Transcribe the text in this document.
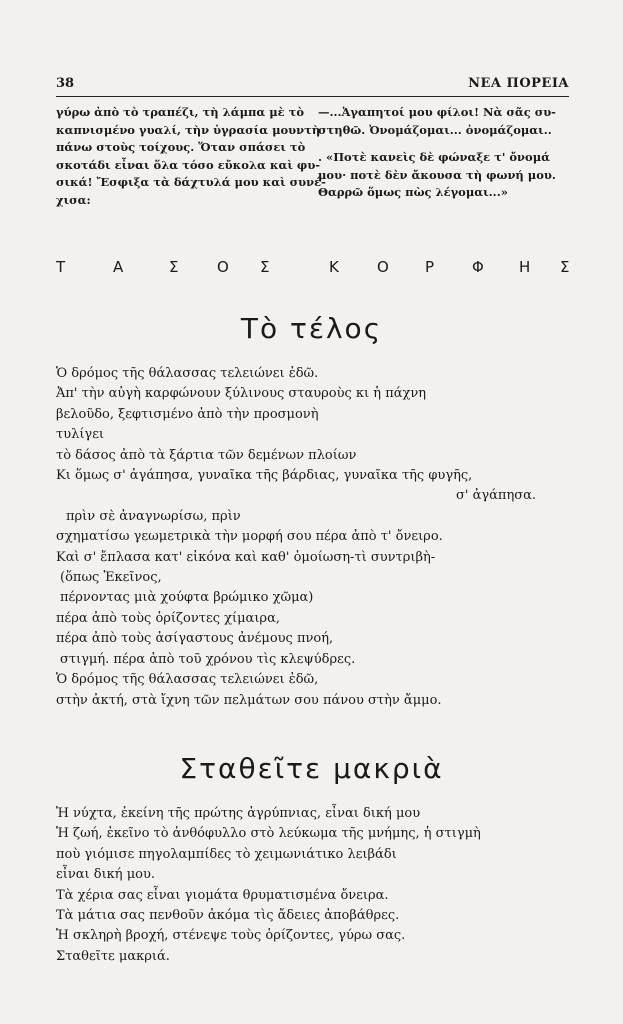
38	ΝΕΑ ΠΟΡΕΙΑ
γύρω ἀπὸ τὸ τραπέζι, τὴ λάμπα μὲ τὸ
καπνισμένο γυαλί, τὴν ὑγρασία μουντὴ
πάνω στοὺς τοίχους. Ὅταν σπάσει τὸ
σκοτάδι εἶναι ὅλα τόσο εὔκολα καὶ φυ-
σικά! Ἔσφιξα τὰ δάχτυλά μου καὶ συνέ-
χισα:
—...Ἀγαπητοί μου φίλοι! Νὰ σᾶς συ-
στηθῶ. Ὀνομάζομαι... ὀνομάζομαι..
. «Ποτὲ κανεὶς δὲ φώναξε τ' ὄνομά
μου· ποτὲ δὲν ἄκουσα τὴ φωνή μου.
Θαρρῶ ὅμως πὼς λέγομαι...»
Τ	Α	Σ	Ο Σ	Κ	Ο Ρ	Φ Η Σ
Τὸ τέλος
Ὁ δρόμος τῆς θάλασσας τελειώνει ἐδῶ.
Ἀπ' τὴν αὐγὴ καρφώνουν ξύλινους σταυροὺς κι ἡ πάχνη
βελοῦδο, ξεφτισμένο ἀπὸ τὴν προσμονὴ
τυλίγει
τὸ δάσος ἀπὸ τὰ ξάρτια τῶν δεμένων πλοίων
Κι ὅμως σ' ἀγάπησα, γυναῖκα τῆς βάρδιας, γυναῖκα τῆς φυγῆς,
σ' ἀγάπησα.
πρὶν σὲ ἀναγνωρίσω, πρὶν
σχηματίσω γεωμετρικὰ τὴν μορφή σου πέρα ἀπὸ τ' ὄνειρο.
Καὶ σ' ἔπλασα κατ' εἰκόνα καὶ καθ' ὁμοίωση-τὶ συντριβὴ-
(ὅπως Ἐκεῖνος,
πέρνοντας μιὰ χούφτα βρώμικο χῶμα)
πέρα ἀπὸ τοὺς ὁρίζοντες χίμαιρα,
πέρα ἀπὸ τοὺς ἀσίγαστους ἀνέμους πνοή,
στιγμή. πέρα ἀπὸ τοῦ χρόνου τὶς κλεψύδρες.
Ὁ δρόμος τῆς θάλασσας τελειώνει ἐδῶ,
στὴν ἀκτή, στὰ ἴχνη τῶν πελμάτων σου πάνου στὴν ἄμμο.
Σταθεῖτε μακριὰ
Ἡ νύχτα, ἐκείνη τῆς πρώτης ἀγρύπνιας, εἶναι δική μου
Ἡ ζωή, ἐκεῖνο τὸ ἀνθόφυλλο στὸ λεύκωμα τῆς μνήμης, ἡ στιγμὴ
ποὺ γιόμισε πηγολαμπίδες τὸ χειμωνιάτικο λειβάδι
εἶναι δική μου.
Τὰ χέρια σας εἶναι γιομάτα θρυματισμένα ὄνειρα.
Τὰ μάτια σας πενθοῦν ἀκόμα τὶς ἄδειες ἀποβάθρες.
Ἡ σκληρὴ βροχή, στένεψε τοὺς ὁρίζοντες, γύρω σας.
Σταθεῖτε μακριά.
